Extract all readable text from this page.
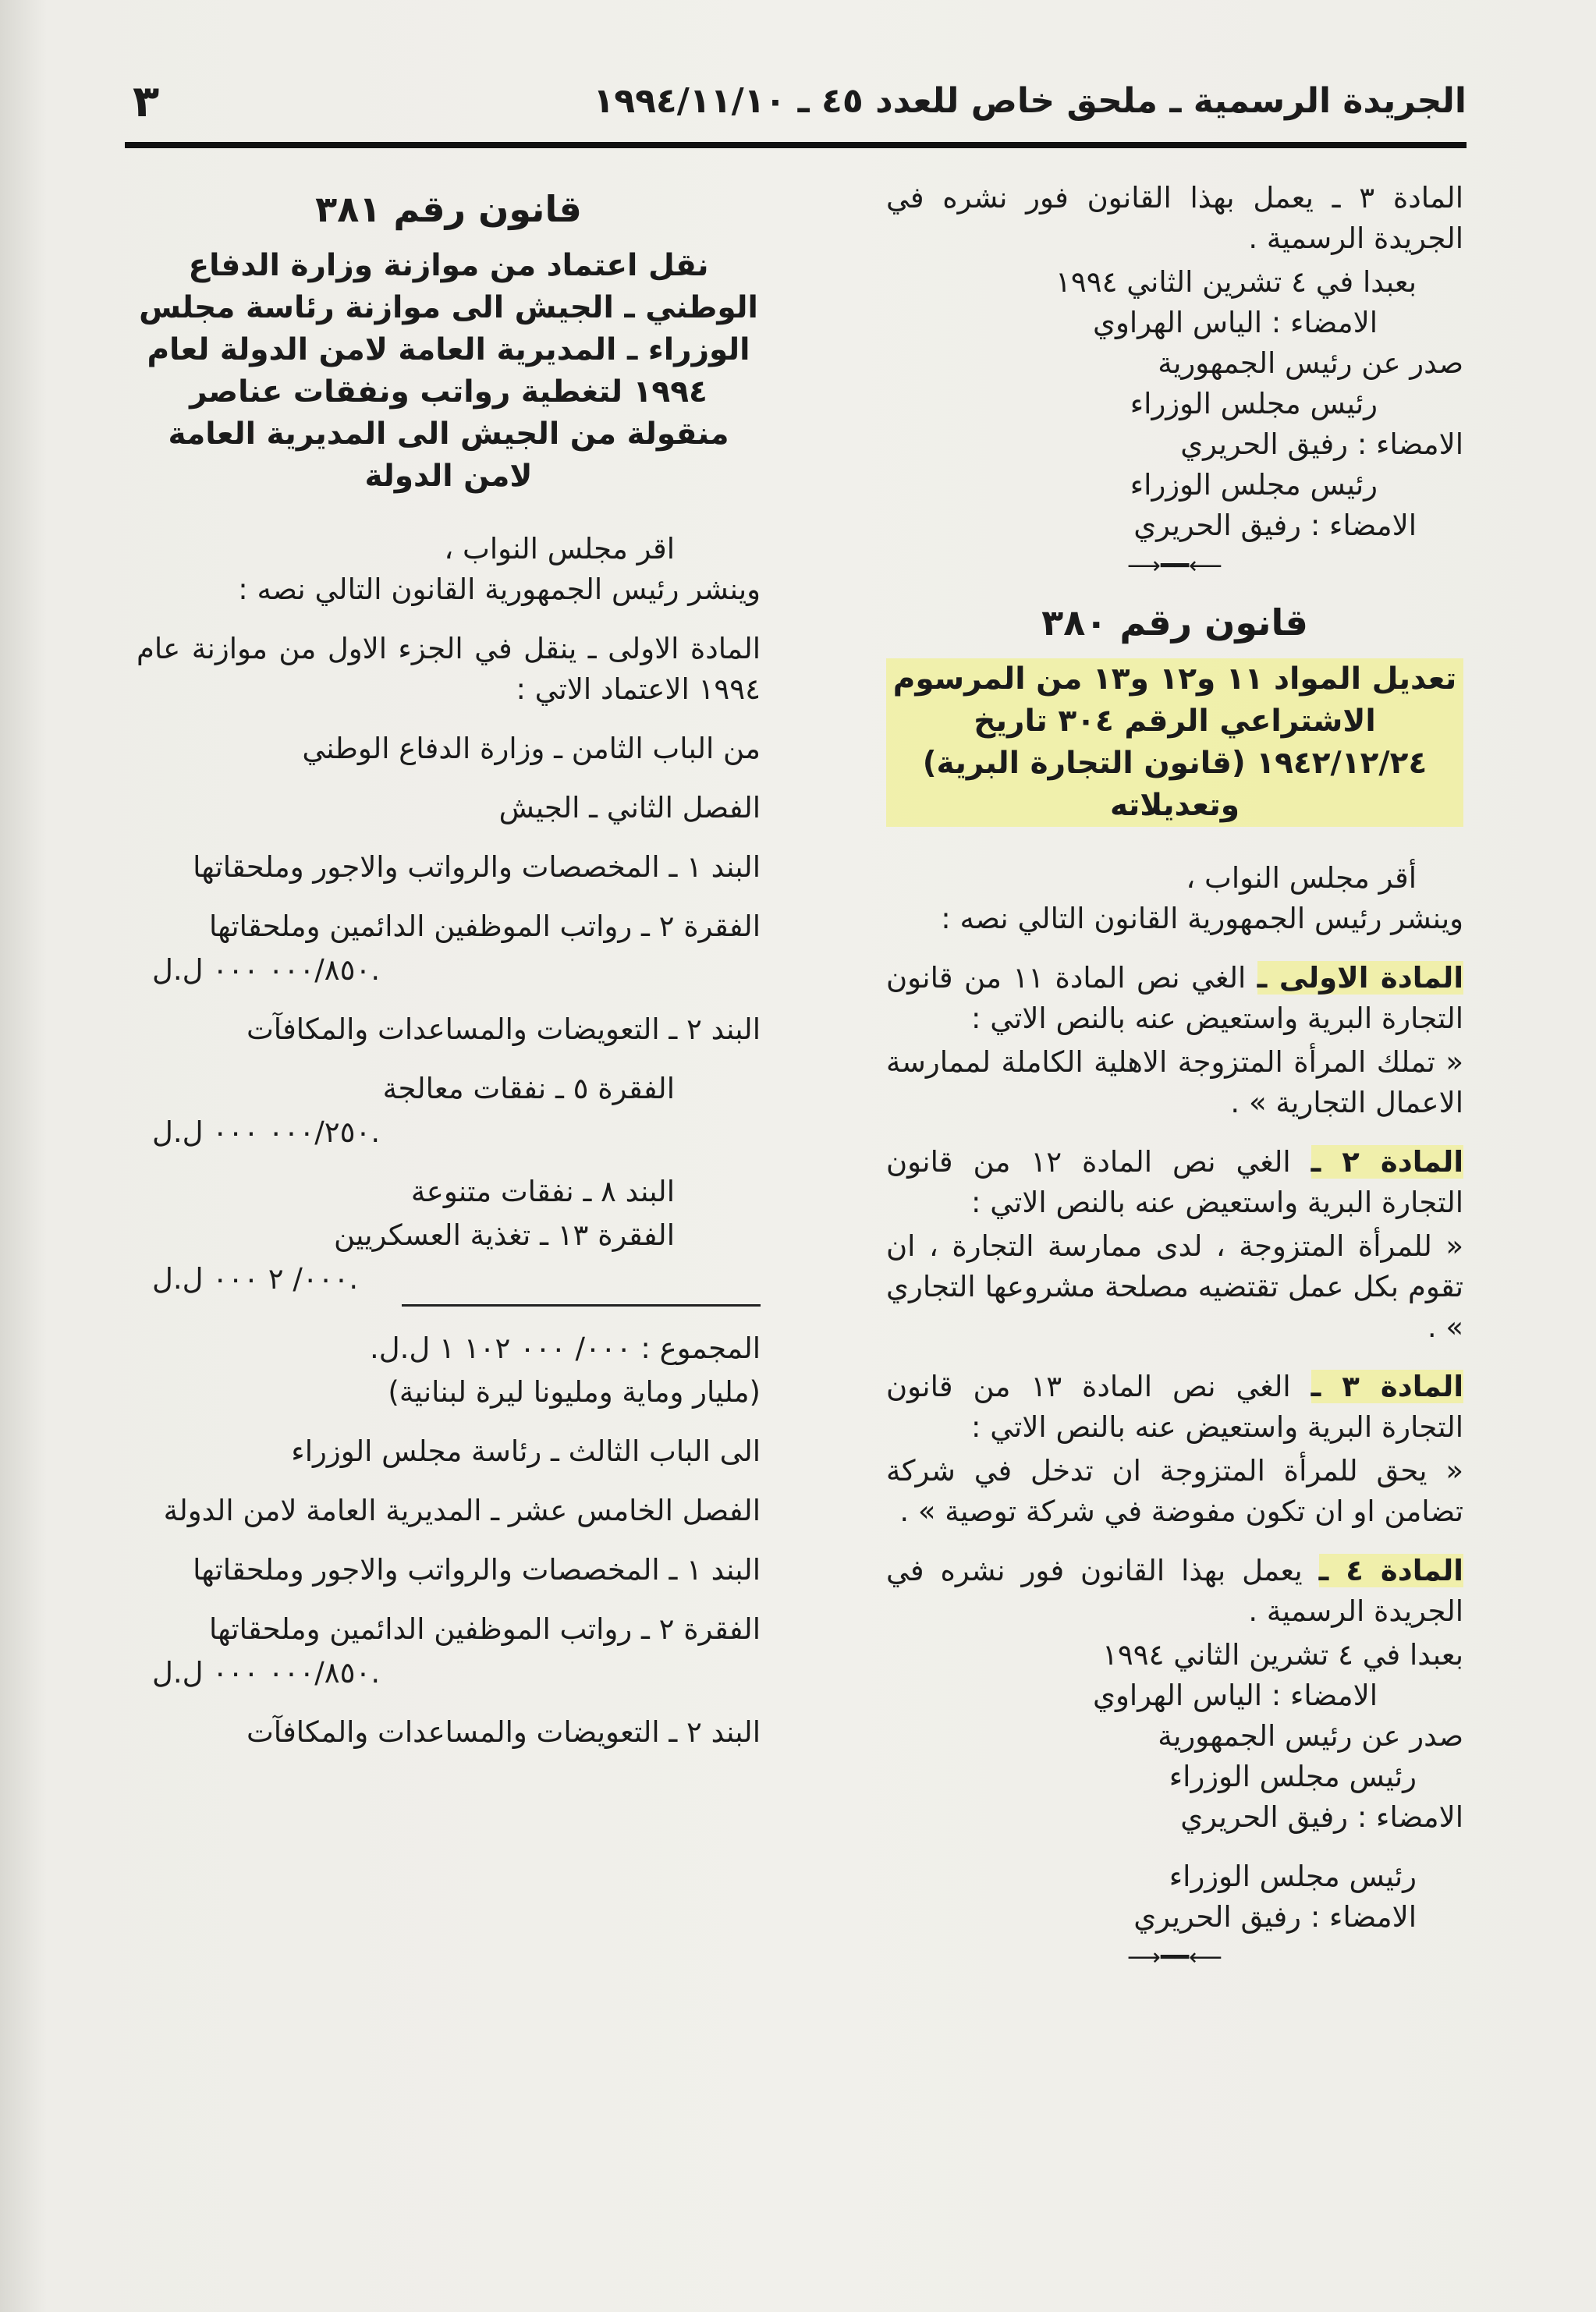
الجريدة الرسمية ـ ملحق خاص للعدد ٤٥ ـ ١٩٩٤/١١/١٠
٣
المادة ٣ ـ يعمل بهذا القانون فور نشره في الجريدة الرسمية .
بعبدا في ٤ تشرين الثاني ١٩٩٤
الامضاء : الياس الهراوي
صدر عن رئيس الجمهورية
رئيس مجلس الوزراء
الامضاء : رفيق الحريري
رئيس مجلس الوزراء
الامضاء : رفيق الحريري
⟵━━⟶
قانون رقم ٣٨٠
تعديل المواد ١١ و١٢ و١٣ من المرسوم الاشتراعي الرقم ٣٠٤ تاريخ ١٩٤٢/١٢/٢٤ (قانون التجارة البرية) وتعديلاته
أقر مجلس النواب ،
وينشر رئيس الجمهورية القانون التالي نصه :
المادة الاولى ـ الغي نص المادة ١١ من قانون التجارة البرية واستعيض عنه بالنص الاتي :
« تملك المرأة المتزوجة الاهلية الكاملة لممارسة الاعمال التجارية » .
المادة ٢ ـ الغي نص المادة ١٢ من قانون التجارة البرية واستعيض عنه بالنص الاتي :
« للمرأة المتزوجة ، لدى ممارسة التجارة ، ان تقوم بكل عمل تقتضيه مصلحة مشروعها التجاري » .
المادة ٣ ـ الغي نص المادة ١٣ من قانون التجارة البرية واستعيض عنه بالنص الاتي :
« يحق للمرأة المتزوجة ان تدخل في شركة تضامن او ان تكون مفوضة في شركة توصية » .
المادة ٤ ـ يعمل بهذا القانون فور نشره في الجريدة الرسمية .
بعبدا في ٤ تشرين الثاني ١٩٩٤
الامضاء : الياس الهراوي
صدر عن رئيس الجمهورية
رئيس مجلس الوزراء
الامضاء : رفيق الحريري
رئيس مجلس الوزراء
الامضاء : رفيق الحريري
⟵━━⟶
قانون رقم ٣٨١
نقل اعتماد من موازنة وزارة الدفاع الوطني ـ الجيش الى موازنة رئاسة مجلس الوزراء ـ المديرية العامة لامن الدولة لعام ١٩٩٤ لتغطية رواتب ونفقات عناصر منقولة من الجيش الى المديرية العامة لامن الدولة
اقر مجلس النواب ،
وينشر رئيس الجمهورية القانون التالي نصه :
المادة الاولى ـ ينقل في الجزء الاول من موازنة عام ١٩٩٤ الاعتماد الاتي :
من الباب الثامن ـ وزارة الدفاع الوطني
الفصل الثاني ـ الجيش
البند ١ ـ المخصصات والرواتب والاجور وملحقاتها
الفقرة ٢ ـ رواتب الموظفين الدائمين وملحقاتها
٠٠٠/٨٥٠ ٠٠٠ ل.ل.
البند ٢ ـ التعويضات والمساعدات والمكافآت
الفقرة ٥ ـ نفقات معالجة
٠٠٠/٢٥٠ ٠٠٠ ل.ل.
البند ٨ ـ نفقات متنوعة
الفقرة ١٣ ـ تغذية العسكريين
٠٠٠/ ٢ ٠٠٠ ل.ل.
المجموع : ٠٠٠/ ٠٠٠ ١٠٢ ١ ل.ل.
(مليار وماية ومليونا ليرة لبنانية)
الى الباب الثالث ـ رئاسة مجلس الوزراء
الفصل الخامس عشر ـ المديرية العامة لامن الدولة
البند ١ ـ المخصصات والرواتب والاجور وملحقاتها
الفقرة ٢ ـ رواتب الموظفين الدائمين وملحقاتها
٠٠٠/٨٥٠ ٠٠٠ ل.ل.
البند ٢ ـ التعويضات والمساعدات والمكافآت
